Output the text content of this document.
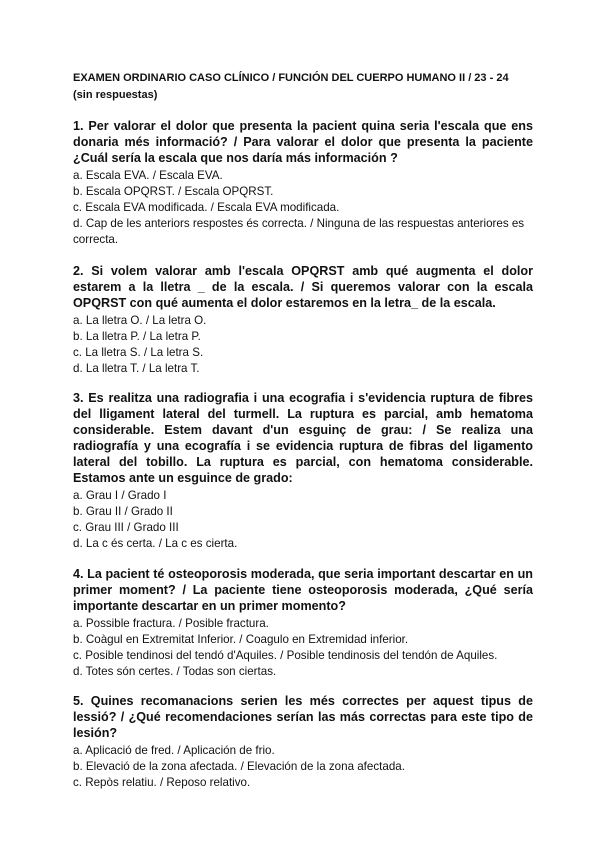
EXAMEN ORDINARIO CASO CLÍNICO / FUNCIÓN DEL CUERPO HUMANO II / 23 - 24
(sin respuestas)

1. Per valorar el dolor que presenta la pacient quina seria l'escala que ens donaria més informació? / Para valorar el dolor que presenta la paciente ¿Cuál sería la escala que nos daría más información ?

a. Escala EVA. / Escala EVA.
b. Escala OPQRST. / Escala OPQRST.
c. Escala EVA modificada. / Escala EVA modificada.
d. Cap de les anteriors respostes és correcta. / Ninguna de las respuestas anteriores es correcta.

2. Si volem valorar amb l'escala OPQRST amb qué augmenta el dolor estarem a la lletra _ de la escala. / Si queremos valorar con la escala OPQRST con qué aumenta el dolor estaremos en la letra_ de la escala.

a. La lletra O. / La letra O.
b. La lletra P. / La letra P.
c. La lletra S. / La letra S.
d. La lletra T. / La letra T.

3. Es realitza una radiografia i una ecografia i s'evidencia ruptura de fibres del lligament lateral del turmell. La ruptura es parcial, amb hematoma considerable. Estem davant d'un esguinç de grau: / Se realiza una radiografía y una ecografía i se evidencia ruptura de fibras del ligamento lateral del tobillo. La ruptura es parcial, con hematoma considerable. Estamos ante un esguince de grado:

a. Grau I / Grado I
b. Grau II / Grado II
c. Grau III / Grado III
d. La c és certa. / La c es cierta.

4. La pacient té osteoporosis moderada, que seria important descartar en un primer moment? / La paciente tiene osteoporosis moderada, ¿Qué sería importante descartar en un primer momento?

a. Possible fractura. / Posible fractura.
b. Coàgul en Extremitat Inferior. / Coagulo en Extremidad inferior.
c. Posible tendinosi del tendó d'Aquiles. / Posible tendinosis del tendón de Aquiles.
d. Totes són certes. / Todas son ciertas.

5. Quines recomanacions serien les més correctes per aquest tipus de lessió? / ¿Qué recomendaciones serían las más correctas para este tipo de lesión?

a. Aplicació de fred. / Aplicación de frio.
b. Elevació de la zona afectada. / Elevación de la zona afectada.
c. Repòs relatiu. / Reposo relativo.
